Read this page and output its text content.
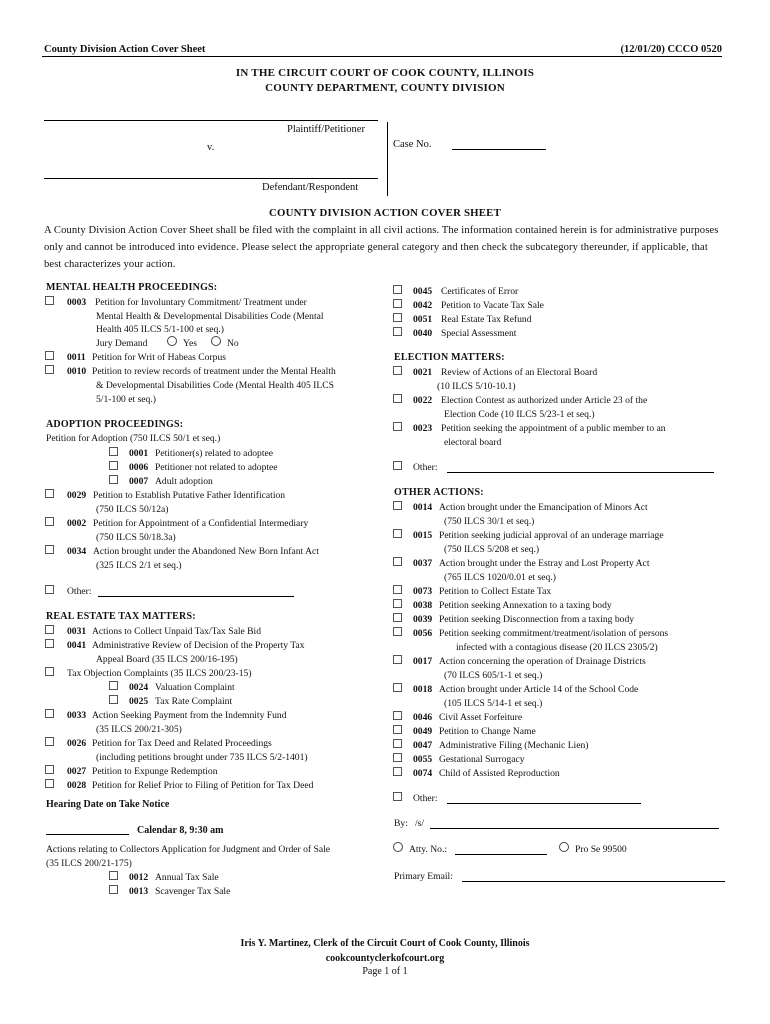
County Division Action Cover Sheet	(12/01/20) CCCO 0520
IN THE CIRCUIT COURT OF COOK COUNTY, ILLINOIS
COUNTY DEPARTMENT, COUNTY DIVISION
Plaintiff/Petitioner
v.
Defendant/Respondent
Case No.
COUNTY DIVISION ACTION COVER SHEET
A County Division Action Cover Sheet shall be filed with the complaint in all civil actions. The information contained herein is for administrative purposes only and cannot be introduced into evidence. Please select the appropriate general category and then check the subcategory thereunder, if applicable, that best characterizes your action.
MENTAL HEALTH PROCEEDINGS:
0003 Petition for Involuntary Commitment/ Treatment under
Mental Health & Developmental Disabilities Code (Mental
Health 405 ILCS 5/1-100 et seq.)
Jury Demand	Yes	No
0011 Petition for Writ of Habeas Corpus
0010 Petition to review records of treatment under the Mental Health
& Developmental Disabilities Code (Mental Health 405 ILCS
5/1-100 et seq.)
ADOPTION PROCEEDINGS:
Petition for Adoption (750 ILCS 50/1 et seq.)
0001 Petitioner(s) related to adoptee
0006 Petitioner not related to adoptee
0007 Adult adoption
0029 Petition to Establish Putative Father Identification
(750 ILCS 50/12a)
0002 Petition for Appointment of a Confidential Intermediary
(750 ILCS 50/18.3a)
0034 Action brought under the Abandoned New Born Infant Act
(325 ILCS 2/1 et seq.)
Other:
REAL ESTATE TAX MATTERS:
0031 Actions to Collect Unpaid Tax/Tax Sale Bid
0041 Administrative Review of Decision of the Property Tax
Appeal Board (35 ILCS 200/16-195)
Tax Objection Complaints (35 ILCS 200/23-15)
0024 Valuation Complaint
0025 Tax Rate Complaint
0033 Action Seeking Payment from the Indemnity Fund
(35 ILCS 200/21-305)
0026 Petition for Tax Deed and Related Proceedings
(including petitions brought under 735 ILCS 5/2-1401)
0027 Petition to Expunge Redemption
0028 Petition for Relief Prior to Filing of Petition for Tax Deed
Hearing Date on Take Notice
Calendar 8, 9:30 am
Actions relating to Collectors Application for Judgment and Order of Sale
(35 ILCS 200/21-175)
0012 Annual Tax Sale
0013 Scavenger Tax Sale
0045 Certificates of Error
0042 Petition to Vacate Tax Sale
0051 Real Estate Tax Refund
0040 Special Assessment
ELECTION MATTERS:
0021 Review of Actions of an Electoral Board
(10 ILCS 5/10-10.1)
0022 Election Contest as authorized under Article 23 of the
Election Code (10 ILCS 5/23-1 et seq.)
0023 Petition seeking the appointment of a public member to an
electoral board
Other:
OTHER ACTIONS:
0014 Action brought under the Emancipation of Minors Act
(750 ILCS 30/1 et seq.)
0015 Petition seeking judicial approval of an underage marriage
(750 ILCS 5/208 et seq.)
0037 Action brought under the Estray and Lost Property Act
(765 ILCS 1020/0.01 et seq.)
0073 Petition to Collect Estate Tax
0038 Petition seeking Annexation to a taxing body
0039 Petition seeking Disconnection from a taxing body
0056 Petition seeking commitment/treatment/isolation of persons
infected with a contagious disease (20 ILCS 2305/2)
0017 Action concerning the operation of Drainage Districts
(70 ILCS 605/1-1 et seq.)
0018 Action brought under Article 14 of the School Code
(105 ILCS 5/14-1 et seq.)
0046 Civil Asset Forfeiture
0049 Petition to Change Name
0047 Administrative Filing (Mechanic Lien)
0055 Gestational Surrogacy
0074 Child of Assisted Reproduction
Other:
By: /s/
Atty. No.:	Pro Se 99500
Primary Email:
Iris Y. Martinez, Clerk of the Circuit Court of Cook County, Illinois
cookcountyclerkofcourt.org
Page 1 of 1
